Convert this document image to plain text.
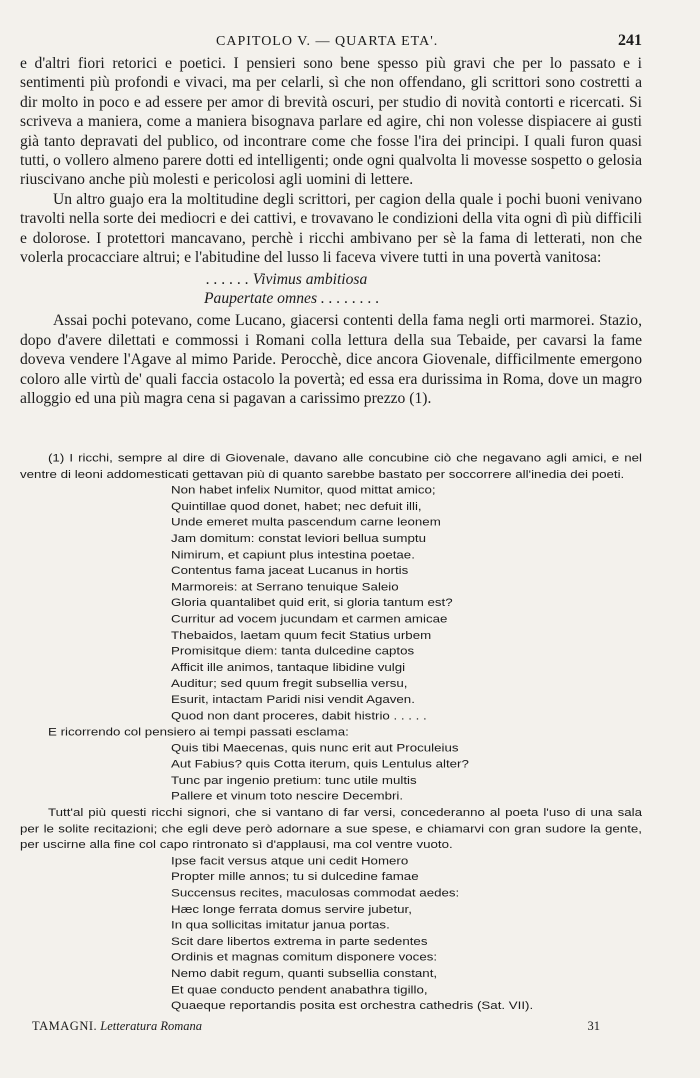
CAPITOLO V. — QUARTA ETA'.	241

e d'altri fiori retorici e poetici. I pensieri sono bene spesso più gravi che per lo passato e i sentimenti più profondi e vivaci, ma per celarli, sì che non offendano, gli scrittori sono costretti a dir molto in poco e ad essere per amor di brevità oscuri, per studio di novità contorti e ricercati. Si scriveva a maniera, come a maniera bisognava parlare ed agire, chi non volesse dispiacere ai gusti già tanto depravati del publico, od incontrare come che fosse l'ira dei principi. I quali furon quasi tutti, o vollero almeno parere dotti ed intelligenti; onde ogni qualvolta li movesse sospetto o gelosia riuscivano anche più molesti e pericolosi agli uomini di lettere.

Un altro guajo era la moltitudine degli scrittori, per cagion della quale i pochi buoni venivano travolti nella sorte dei mediocri e dei cattivi, e trovavano le condizioni della vita ogni dì più difficili e dolorose. I protettori mancavano, perchè i ricchi ambivano per sè la fama di letterati, non che volerla procacciare altrui; e l'abitudine del lusso li faceva vivere tutti in una povertà vanitosa:

. . . . . . Vivimus ambitiosa
Paupertate omnes . . . . . . . .

Assai pochi potevano, come Lucano, giacersi contenti della fama negli orti marmorei. Stazio, dopo d'avere dilettati e commossi i Romani colla lettura della sua Tebaide, per cavarsi la fame doveva vendere l'Agave al mimo Paride. Perocchè, dice ancora Giovenale, difficilmente emergono coloro alle virtù de' quali faccia ostacolo la povertà; ed essa era durissima in Roma, dove un magro alloggio ed una più magra cena si pagavan a carissimo prezzo (1).

(1) I ricchi, sempre al dire di Giovenale, davano alle concubine ciò che negavano agli amici, e nel ventre di leoni addomesticati gettavan più di quanto sarebbe bastato per soccorrere all'inedia dei poeti.

Non habet infelix Numitor, quod mittat amico;
Quintillae quod donet, habet; nec defuit illi,
Unde emeret multa pascendum carne leonem
Jam domitum: constat leviori bellua sumptu
Nimirum, et capiunt plus intestina poetae.
Contentus fama jaceat Lucanus in hortis
Marmoreis: at Serrano tenuique Saleio
Gloria quantalibet quid erit, si gloria tantum est?
Curritur ad vocem jucundam et carmen amicae
Thebaidos, laetam quum fecit Statius urbem
Promisitque diem: tanta dulcedine captos
Afficit ille animos, tantaque libidine vulgi
Auditur; sed quum fregit subsellia versu,
Esurit, intactam Paridi nisi vendit Agaven.
Quod non dant proceres, dabit histrio . . . . .

E ricorrendo col pensiero ai tempi passati esclama:

Quis tibi Maecenas, quis nunc erit aut Proculeius
Aut Fabius? quis Cotta iterum, quis Lentulus alter?
Tunc par ingenio pretium: tunc utile multis
Pallere et vinum toto nescire Decembri.

Tutt'al più questi ricchi signori, che si vantano di far versi, concederanno al poeta l'uso di una sala per le solite recitazioni; che egli deve però adornare a sue spese, e chiamarvi con gran sudore la gente, per uscirne alla fine col capo rintronato sì d'applausi, ma col ventre vuoto.

Ipse facit versus atque uni cedit Homero
Propter mille annos; tu si dulcedine famae
Succensus recites, maculosas commodat aedes:
Hæc longe ferrata domus servire jubetur,
In qua sollicitas imitatur janua portas.
Scit dare libertos extrema in parte sedentes
Ordinis et magnas comitum disponere voces:
Nemo dabit regum, quanti subsellia constant,
Et quae conducto pendent anabathra tigillo,
Quaeque reportandis posita est orchestra cathedris (Sat. VII).
TAMAGNI. Letteratura Romana	31
